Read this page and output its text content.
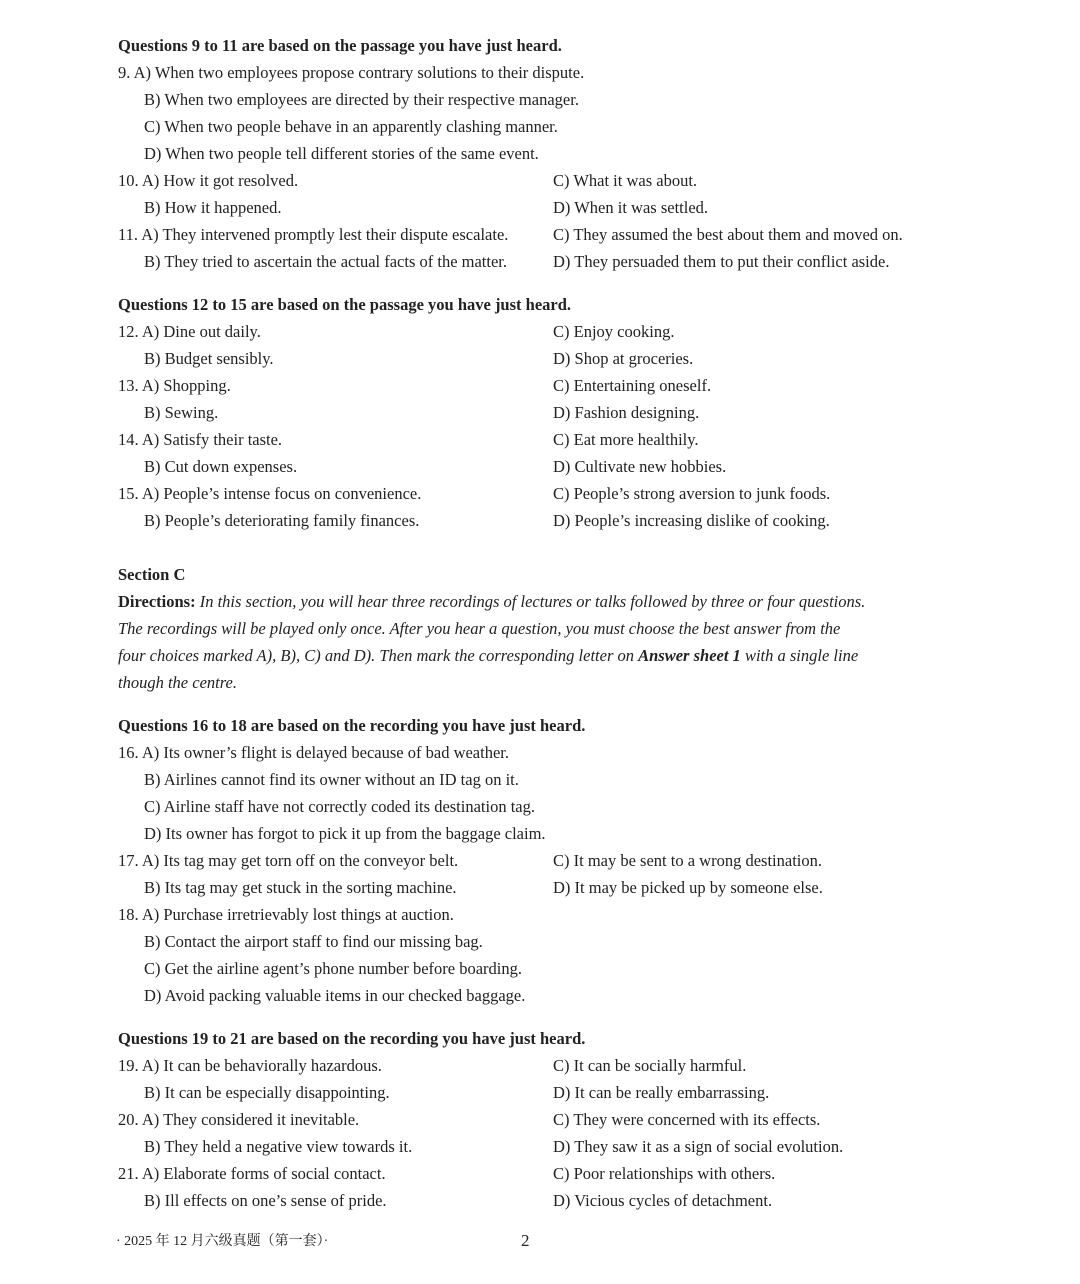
Questions 9 to 11 are based on the passage you have just heard.
9. A) When two employees propose contrary solutions to their dispute.
B) When two employees are directed by their respective manager.
C) When two people behave in an apparently clashing manner.
D) When two people tell different stories of the same event.
10. A) How it got resolved.	C) What it was about.
B) How it happened.	D) When it was settled.
11. A) They intervened promptly lest their dispute escalate.	C) They assumed the best about them and moved on.
B) They tried to ascertain the actual facts of the matter.	D) They persuaded them to put their conflict aside.
Questions 12 to 15 are based on the passage you have just heard.
12. A) Dine out daily.	C) Enjoy cooking.
B) Budget sensibly.	D) Shop at groceries.
13. A) Shopping.	C) Entertaining oneself.
B) Sewing.	D) Fashion designing.
14. A) Satisfy their taste.	C) Eat more healthily.
B) Cut down expenses.	D) Cultivate new hobbies.
15. A) People’s intense focus on convenience.	C) People’s strong aversion to junk foods.
B) People’s deteriorating family finances.	D) People’s increasing dislike of cooking.
Section C
Directions: In this section, you will hear three recordings of lectures or talks followed by three or four questions.
The recordings will be played only once. After you hear a question, you must choose the best answer from the
four choices marked A), B), C) and D). Then mark the corresponding letter on Answer sheet 1 with a single line
though the centre.
Questions 16 to 18 are based on the recording you have just heard.
16. A) Its owner’s flight is delayed because of bad weather.
B) Airlines cannot find its owner without an ID tag on it.
C) Airline staff have not correctly coded its destination tag.
D) Its owner has forgot to pick it up from the baggage claim.
17. A) Its tag may get torn off on the conveyor belt.	C) It may be sent to a wrong destination.
B) Its tag may get stuck in the sorting machine.	D) It may be picked up by someone else.
18. A) Purchase irretrievably lost things at auction.
B) Contact the airport staff to find our missing bag.
C) Get the airline agent’s phone number before boarding.
D) Avoid packing valuable items in our checked baggage.
Questions 19 to 21 are based on the recording you have just heard.
19. A) It can be behaviorally hazardous.	C) It can be socially harmful.
B) It can be especially disappointing.	D) It can be really embarrassing.
20. A) They considered it inevitable.	C) They were concerned with its effects.
B) They held a negative view towards it.	D) They saw it as a sign of social evolution.
21. A) Elaborate forms of social contact.	C) Poor relationships with others.
B) Ill effects on one’s sense of pride.	D) Vicious cycles of detachment.
· 2025 年 12 月六级真题（第一套）·	2
